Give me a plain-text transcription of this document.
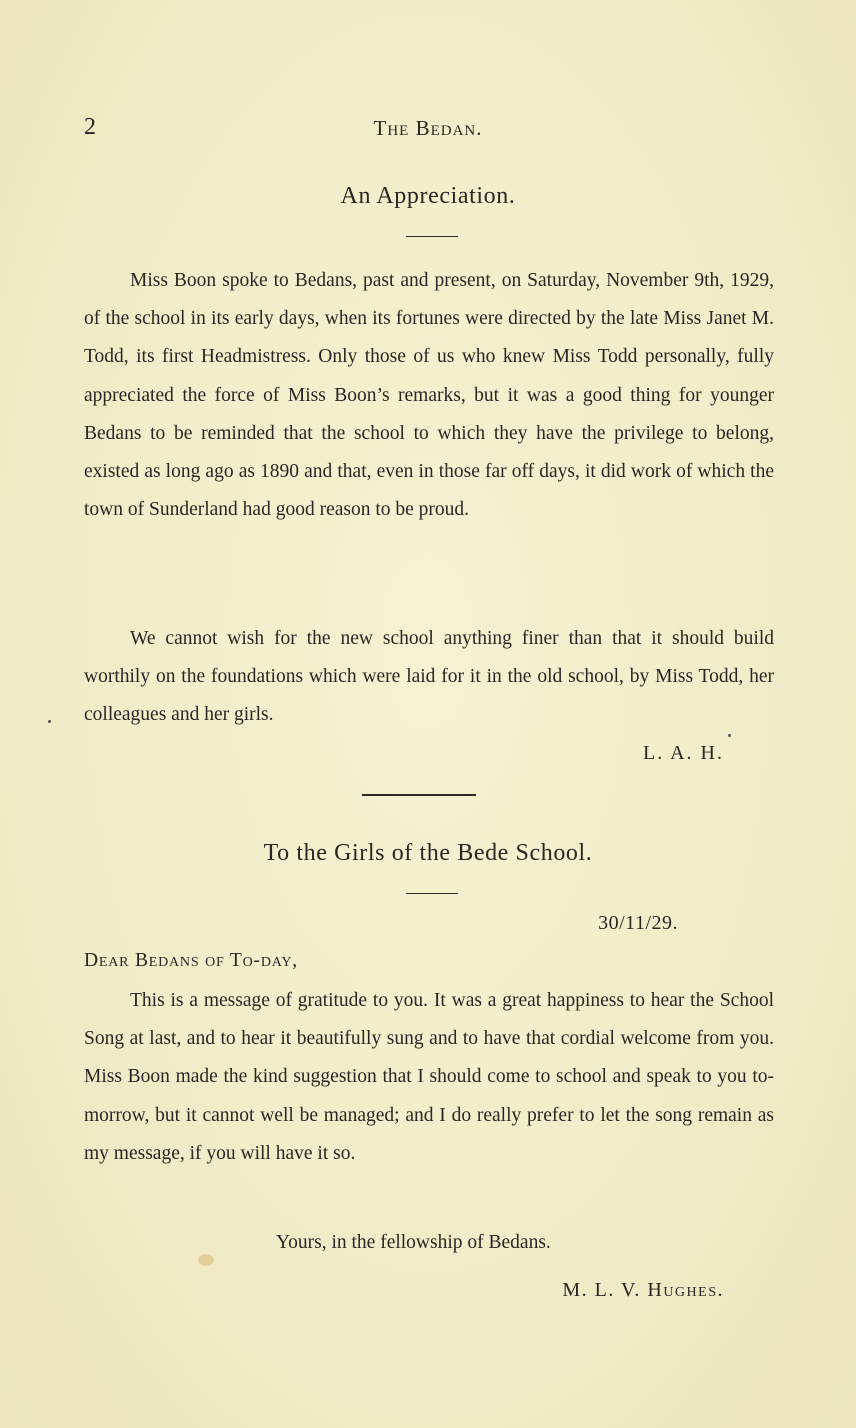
2	The Bedan.
An Appreciation.

Miss Boon spoke to Bedans, past and present, on Saturday, November 9th, 1929, of the school in its early days, when its fortunes were directed by the late Miss Janet M. Todd, its first Headmistress. Only those of us who knew Miss Todd personally, fully appreciated the force of Miss Boon’s remarks, but it was a good thing for younger Bedans to be reminded that the school to which they have the privilege to belong, existed as long ago as 1890 and that, even in those far off days, it did work of which the town of Sunderland had good reason to be proud.

We cannot wish for the new school anything finer than that it should build worthily on the foundations which were laid for it in the old school, by Miss Todd, her colleagues and her girls.

L. A. H.
To the Girls of the Bede School.
30/11/29.
Dear Bedans of To-day,

This is a message of gratitude to you. It was a great happiness to hear the School Song at last, and to hear it beautifully sung and to have that cordial welcome from you. Miss Boon made the kind suggestion that I should come to school and speak to you to-morrow, but it cannot well be managed; and I do really prefer to let the song remain as my message, if you will have it so.

Yours, in the fellowship of Bedans.
M. L. V. Hughes.
